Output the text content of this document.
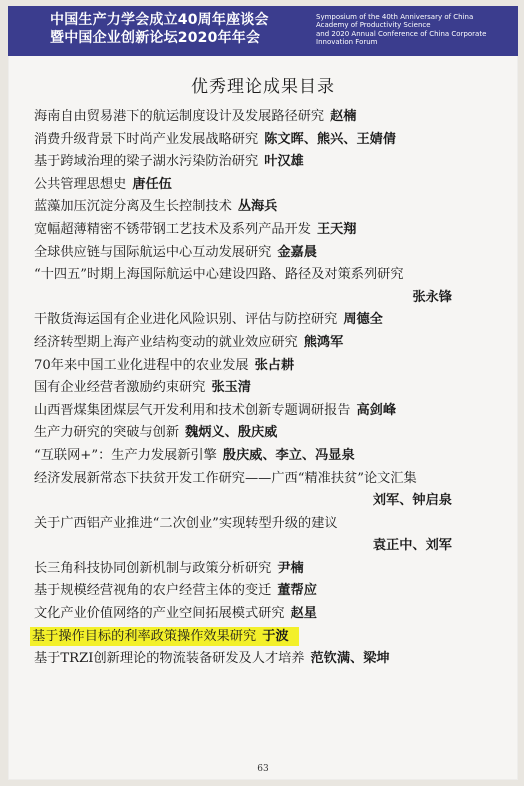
中国生产力学会成立40周年座谈会
暨中国企业创新论坛2020年年会
Symposium of the 40th Anniversary of China
Academy of Productivity Science
and 2020 Annual Conference of China Corporate
Innovation Forum
优秀理论成果目录
海南自由贸易港下的航运制度设计及发展路径研究 赵楠
消费升级背景下时尚产业发展战略研究 陈文晖、熊兴、王婧倩
基于跨域治理的梁子湖水污染防治研究 叶汉雄
公共管理思想史 唐任伍
蓝藻加压沉淀分离及生长控制技术 丛海兵
宽幅超薄精密不锈带钢工艺技术及系列产品开发 王天翔
全球供应链与国际航运中心互动发展研究 金嘉晨
“十四五”时期上海国际航运中心建设四路、路径及对策系列研究
张永锋
干散货海运国有企业进化风险识别、评估与防控研究 周德全
经济转型期上海产业结构变动的就业效应研究 熊鸿军
70年来中国工业化进程中的农业发展 张占耕
国有企业经营者激励约束研究 张玉清
山西晋煤集团煤层气开发利用和技术创新专题调研报告 高剑峰
生产力研究的突破与创新 魏炳义、殷庆威
“互联网+”：生产力发展新引擎 殷庆威、李立、冯显泉
经济发展新常态下扶贫开发工作研究——广西“精准扶贫”论文汇集
刘军、钟启泉
关于广西铝产业推进“二次创业”实现转型升级的建议
袁正中、刘军
长三角科技协同创新机制与政策分析研究 尹楠
基于规模经营视角的农户经营主体的变迁 董帮应
文化产业价值网络的产业空间拓展模式研究 赵星
基于操作目标的利率政策操作效果研究 于波
基于TRZI创新理论的物流装备研发及人才培养 范钦满、梁坤
63
